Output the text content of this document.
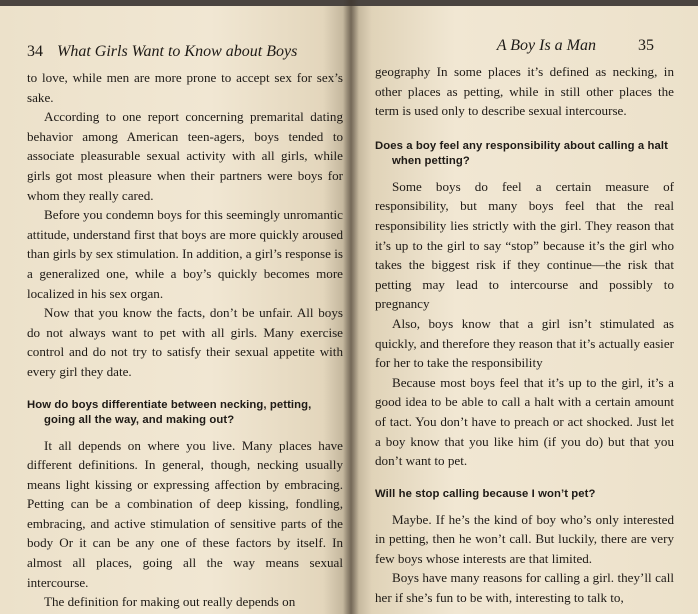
34 What Girls Want to Know about Boys

to love, while men are more prone to accept sex for sex’s sake.

According to one report concerning premarital dating behavior among American teen-agers, boys tended to associate pleasurable sexual activity with all girls, while girls got most pleasure when their partners were boys for whom they really cared.

Before you condemn boys for this seemingly unromantic attitude, understand first that boys are more quickly aroused than girls by sex stimulation. In addition, a girl’s response is a generalized one, while a boy’s quickly becomes more localized in his sex organ.

Now that you know the facts, don’t be unfair. All boys do not always want to pet with all girls. Many exercise control and do not try to satisfy their sexual appetite with every girl they date.

How do boys differentiate between necking, petting, going all the way, and making out?

It all depends on where you live. Many places have different definitions. In general, though, necking usually means light kissing or expressing affection by embracing. Petting can be a combination of deep kissing, fondling, embracing, and active stimulation of sensitive parts of the body Or it can be any one of these factors by itself. In almost all places, going all the way means sexual intercourse.

The definition for making out really depends on

A Boy Is a Man	35

geography In some places it’s defined as necking, in other places as petting, while in still other places the term is used only to describe sexual intercourse.

Does a boy feel any responsibility about calling a halt when petting?

Some boys do feel a certain measure of responsibility, but many boys feel that the real responsibility lies strictly with the girl. They reason that it’s up to the girl to say “stop” because it’s the girl who takes the biggest risk if they continue—the risk that petting may lead to intercourse and possibly to pregnancy

Also, boys know that a girl isn’t stimulated as quickly, and therefore they reason that it’s actually easier for her to take the responsibility

Because most boys feel that it’s up to the girl, it’s a good idea to be able to call a halt with a certain amount of tact. You don’t have to preach or act shocked. Just let a boy know that you like him (if you do) but that you don’t want to pet.

Will he stop calling because I won’t pet?

Maybe. If he’s the kind of boy who’s only interested in petting, then he won’t call. But luckily, there are very few boys whose interests are that limited.

Boys have many reasons for calling a girl. they’ll call her if she’s fun to be with, interesting to talk to,
